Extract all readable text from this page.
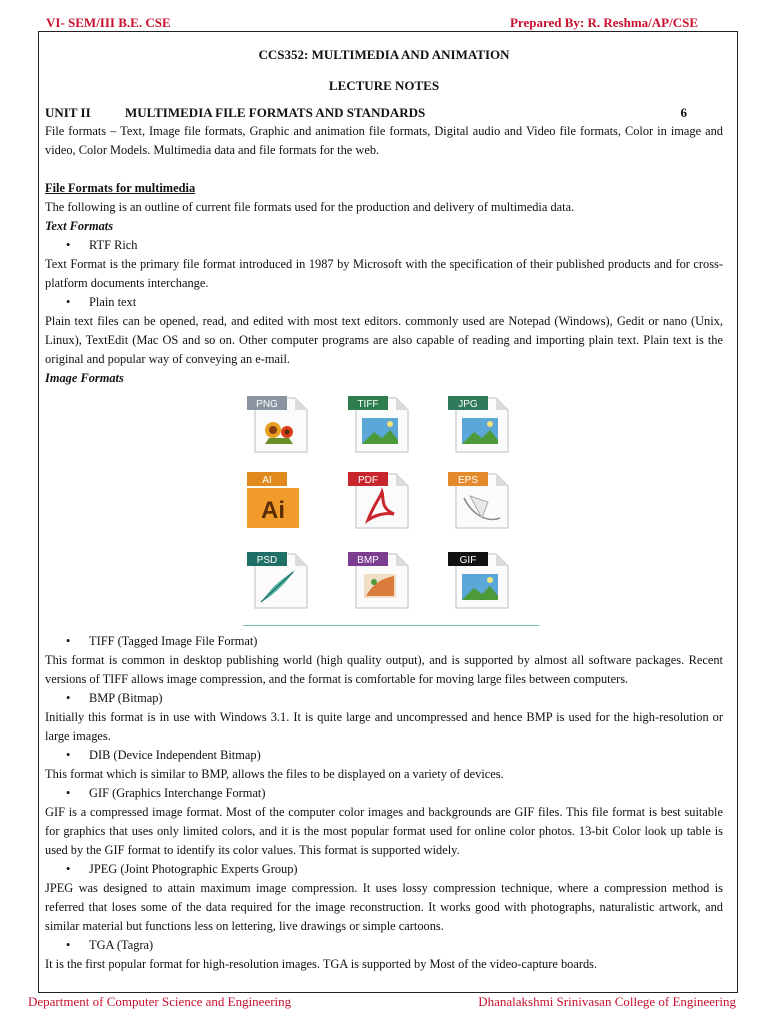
VI- SEM/III B.E. CSE	Prepared By: R. Reshma/AP/CSE
CCS352: MULTIMEDIA AND ANIMATION
LECTURE NOTES
UNIT II	MULTIMEDIA FILE FORMATS AND STANDARDS	6

File formats – Text, Image file formats, Graphic and animation file formats, Digital audio and Video file formats, Color in image and video, Color Models. Multimedia data and file formats for the web.

File Formats for multimedia

The following is an outline of current file formats used for the production and delivery of multimedia data.

Text Formats
• RTF Rich

Text Format is the primary file format introduced in 1987 by Microsoft with the specification of their published products and for cross-platform documents interchange.

• Plain text

Plain text files can be opened, read, and edited with most text editors. commonly used are Notepad (Windows), Gedit or nano (Unix, Linux), TextEdit (Mac OS and so on. Other computer programs are also capable of reading and importing plain text. Plain text is the original and popular way of conveying an e-mail.

Image Formats
PNG	TIFF	JPG
Ai
AI	PDF	EPS
PSD	BMP	GIF
• TIFF (Tagged Image File Format)

This format is common in desktop publishing world (high quality output), and is supported by almost all software packages. Recent versions of TIFF allows image compression, and the format is comfortable for moving large files between computers.

• BMP (Bitmap)

Initially this format is in use with Windows 3.1. It is quite large and uncompressed and hence BMP is used for the high-resolution or large images.

• DIB (Device Independent Bitmap)

This format which is similar to BMP, allows the files to be displayed on a variety of devices.

• GIF (Graphics Interchange Format)

GIF is a compressed image format. Most of the computer color images and backgrounds are GIF files. This file format is best suitable for graphics that uses only limited colors, and it is the most popular format used for online color photos. 13-bit Color look up table is used by the GIF format to identify its color values. This format is supported widely.

• JPEG (Joint Photographic Experts Group)

JPEG was designed to attain maximum image compression. It uses lossy compression technique, where a compression method is referred that loses some of the data required for the image reconstruction. It works good with photographs, naturalistic artwork, and similar material but functions less on lettering, live drawings or simple cartoons.

• TGA (Tagra)

It is the first popular format for high-resolution images. TGA is supported by Most of the video-capture boards.

Department of Computer Science and Engineering	Dhanalakshmi Srinivasan College of Engineering
